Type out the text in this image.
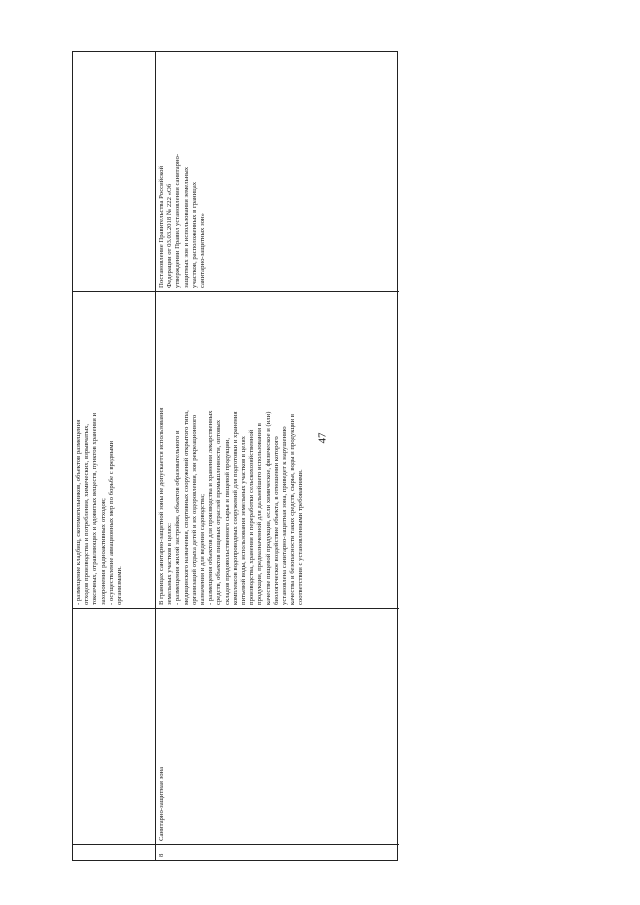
47

- размещение кладбищ, скотомогильников, объектов размещения отходов производства и потребления, химических, взрывчатых, токсичных, отравляющих и ядовитых веществ, пунктов хранения и захоронения радиоактивных отходов; - осуществление авиационных мер по борьбе с вредными организмами.

8
Санитарно-защитная зона

В границах санитарно-защитной зоны не допускается использования земельных участков в целях: - размещения жилой застройки, объектов образовательного и медицинского назначения, спортивных сооружений открытого типа, организаций отдыха детей и их оздоровления, зон рекреационного назначения и для ведения садоводства; - размещения объектов для производства и хранения лекарственных средств, объектов пищевых отраслей промышленности, оптовых складов продовольственного сырья и пищевой продукции, комплексов водопроводных сооружений для подготовки и хранения питьевой воды, использования земельных участков в целях производства, хранения и переработки сельскохозяйственной продукции, предназначенной для дальнейшего использования в качестве пищевой продукции, если химическое, физическое и (или) биологическое воздействие объекта, в отношении которого установлена санитарно-защитная зона, приведет к нарушению качества и безопасности таких средств, сырья, воды и продукции в соответствии с установленными требованиями.

Постановление Правительства Российской Федерации от 03.03.2018 № 222 «Об утверждении Правил установления санитарно- защитных зон и использования земельных участков, расположенных в границах санитарно-защитных зон»
